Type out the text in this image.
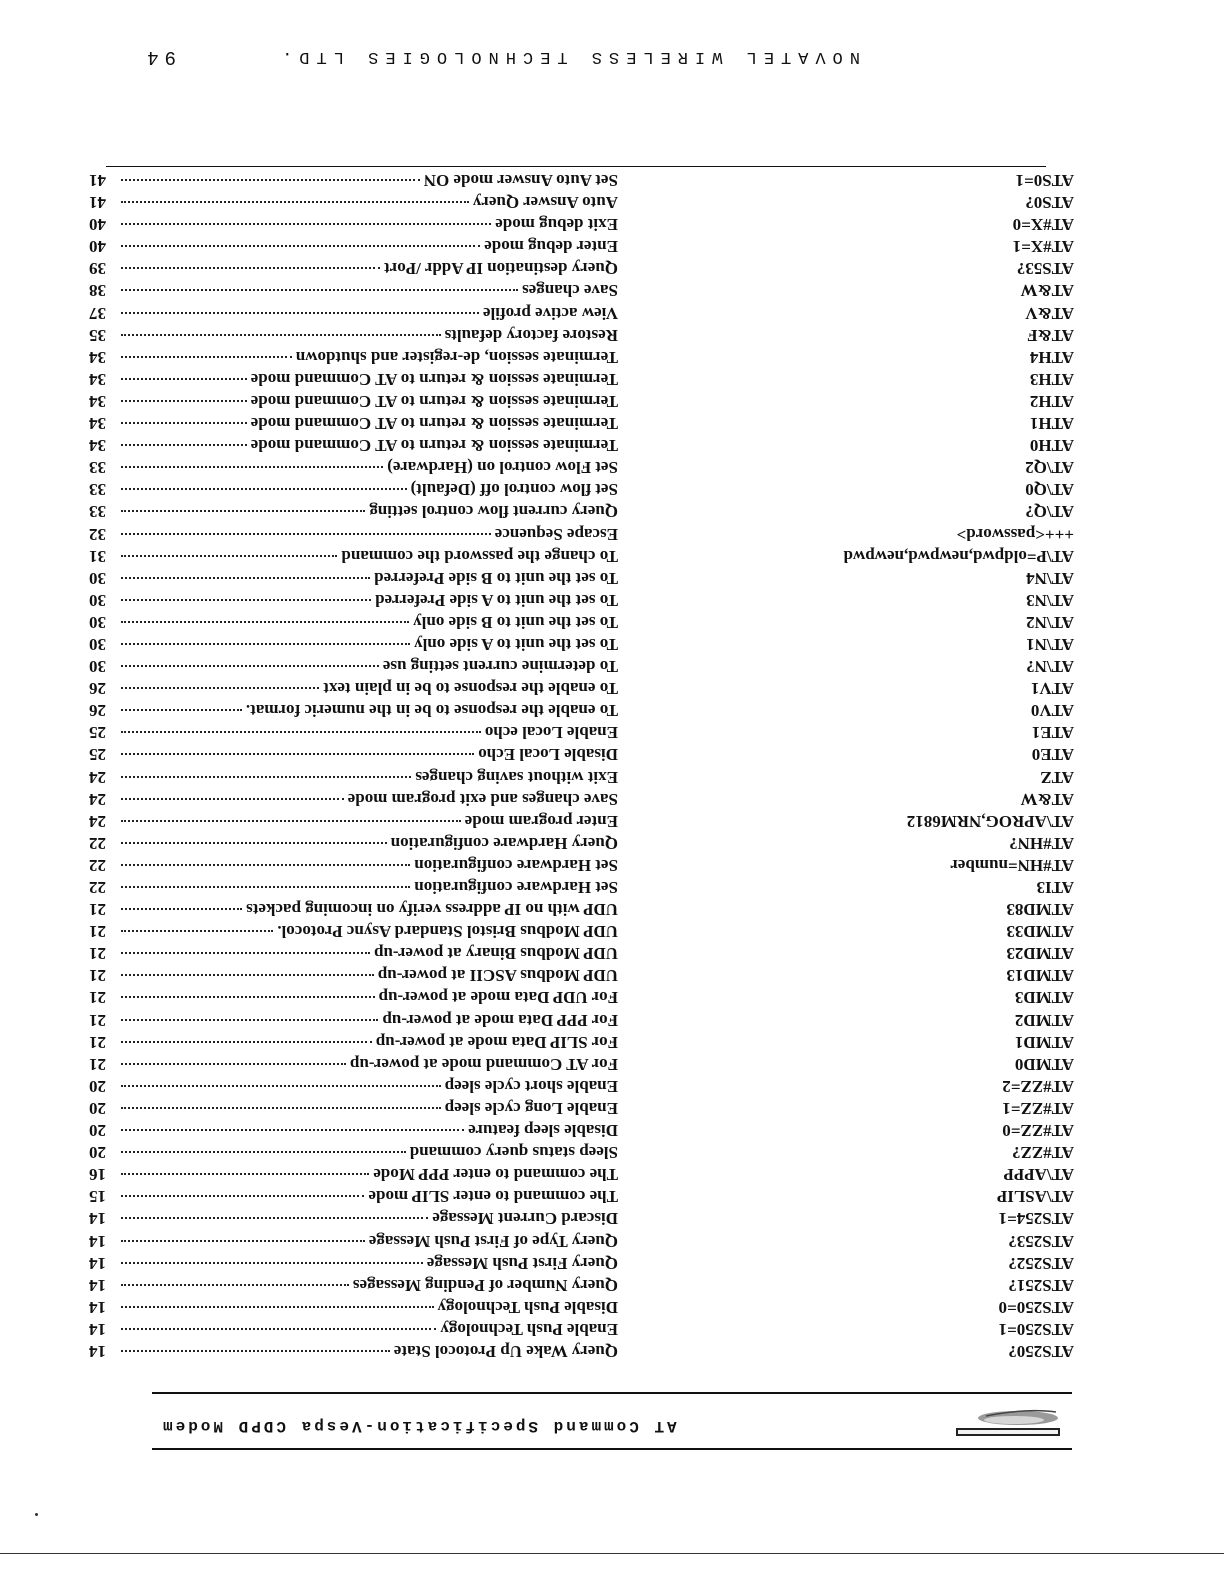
AT Command Specification-Vespa CDPD Modem
ATS250?
Query Wake Up Protocol State
14
ATS250=1
Enable Push Technology
14
ATS250=0
Disable Push Technology
14
ATS251?
Query Number of Pending Messages
14
ATS252?
Query First Push Message
14
ATS253?
Query Type of First Push Message
14
ATS254=1
Discard Current Message
14
AT\ASLIP
The command to enter SLIP mode
15
AT\APPP
The command to enter PPP Mode
16
AT#ZZ?
Sleep status query command
20
AT#ZZ=0
Disable sleep feature
20
AT#ZZ=1
Enable Long cycle sleep
20
AT#ZZ=2
Enable short cycle sleep
20
ATMD0
For AT Command mode at power-up
21
ATMD1
For SLIP Data mode at power-up
21
ATMD2
For PPP Data mode at power-up
21
ATMD3
For UDP Data mode at power-up
21
ATMD13
UDP Modbus ASCII at power-up
21
ATMD23
UDP Modbus Binary at power-up
21
ATMD33
UDP Modbus Bristol Standard Async Protocol.
21
ATMD83
UDP with no IP address verify on incoming packets
21
ATI3
Set Hardware configuration
22
AT#HN=number
Set Hardware configuration
22
AT#HN?
Query Hardware configuration
22
AT\APROG,NRM6812
Enter program mode
24
AT&W
Save changes and exit program mode
24
ATZ
Exit without saving changes
24
ATE0
Disable Local Echo
25
ATE1
Enable Local echo
25
ATV0
To enable the response to be in the numeric format.
26
ATV1
To enable the response to be in plain text
26
AT\N?
To determine current setting use
30
AT\N1
To set the unit to A side only
30
AT\N2
To set the unit to B side only
30
AT\N3
To set the unit to A side Preferred
30
AT\N4
To set the unit to B side Preferred
30
AT\P=oldpwd,newpwd,newpwd
To change the password the command
31
+++<password>
Escape Sequence
32
AT\Q?
Query current flow control setting
33
AT\Q0
Set flow control off (Default)
33
AT\Q2
Set Flow control on (Hardware)
33
ATH0
Terminate session & return to AT Command mode
34
ATH1
Terminate session & return to AT Command mode
34
ATH2
Terminate session & return to AT Command mode
34
ATH3
Terminate session & return to AT Command mode
34
ATH4
Terminate session, de-register and shutdown
34
AT&F
Restore factory defaults
35
AT&V
View active profile
37
AT&W
Save changes
38
ATS53?
Query destination IP Addr /Port
39
AT#X=1
Enter debug mode
40
AT#X=0
Exit debug mode
40
ATS0?
Auto Answer Query
41
ATS0=1
Set Auto Answer mode ON
41
NOVATEL WIRELESS TECHNOLOGIES LTD.
94
